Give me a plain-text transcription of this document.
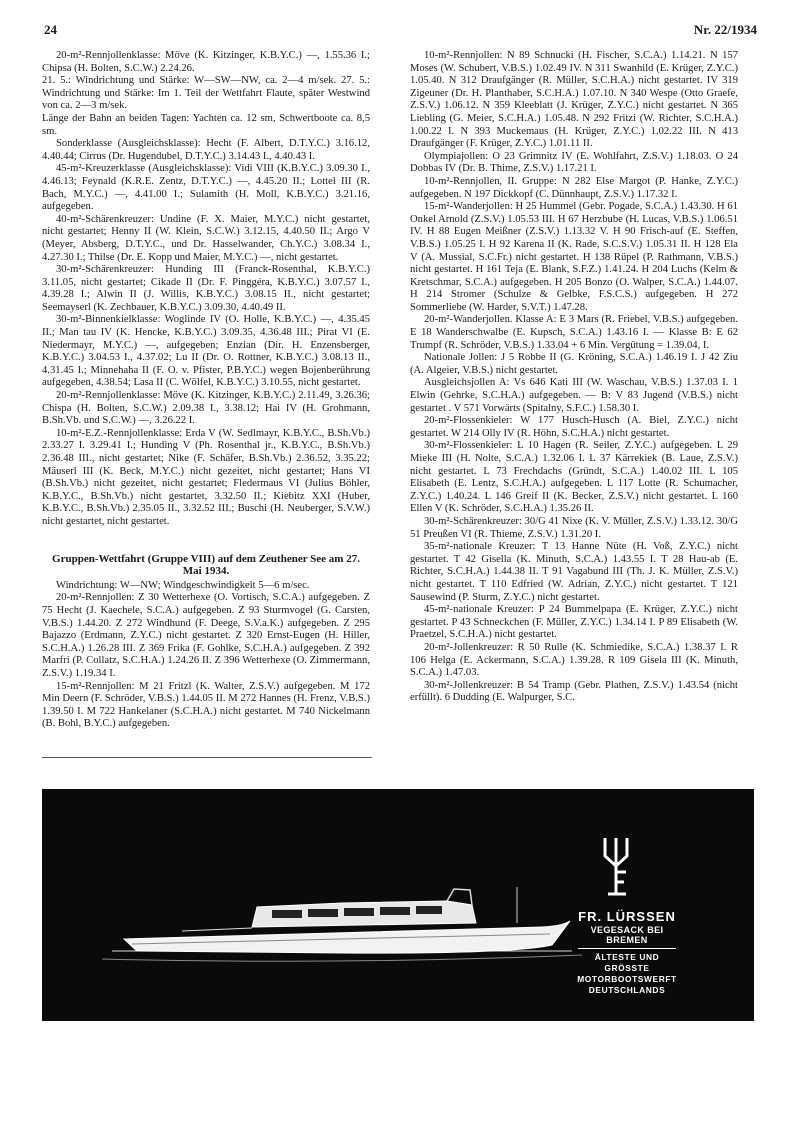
24	Nr. 22/1934

20-m²-Rennjollenklasse: Möve (K. Kitzinger, K.B.Y.C.) —, 1.55.36 I.; Chipsa (H. Bolten, S.C.W.) 2.24.26.

21. 5.: Windrichtung und Stärke: W—SW—NW, ca. 2—4 m/sek. 27. 5.: Windrichtung und Stärke: Im 1. Teil der Wettfahrt Flaute, später Westwind von ca. 2—3 m/sek.

Länge der Bahn an beiden Tagen: Yachten ca. 12 sm, Schwertboote ca. 8,5 sm.

Sonderklasse (Ausgleichsklasse): Hecht (F. Albert, D.T.Y.C.) 3.16.12, 4.40.44; Cirrus (Dr. Hugendubel, D.T.Y.C.) 3.14.43 I., 4.40.43 I.

45-m²-Kreuzerklasse (Ausgleichsklasse): Vidi VIII (K.B.Y.C.) 3.09.30 I., 4.46.13; Feynald (K.R.E. Zentz, D.T.Y.C.) —, 4.45.20 II.; Lottel III (R. Bach, M.Y.C.) —, 4.41.00 I.; Sulamith (H. Moll, K.B.Y.C.) 3.21.16, aufgegeben.

40-m²-Schärenkreuzer: Undine (F. X. Maier, M.Y.C.) nicht gestartet, nicht gestartet; Henny II (W. Klein, S.C.W.) 3.12.15, 4.40.50 II.; Argo V (Meyer, Absberg, D.T.Y.C., und Dr. Hasselwander, Ch.Y.C.) 3.08.34 I., 4.27.30 I.; Thilse (Dr. E. Kopp und Maier, M.Y.C.) —, nicht gestartet.

30-m²-Schärenkreuzer: Hunding III (Franck-Rosenthal, K.B.Y.C.) 3.11.05, nicht gestartet; Cikade II (Dr. F. Pinggéra, K.B.Y.C.) 3.07.57 I., 4.39.28 I.; Alwin II (J. Willis, K.B.Y.C.) 3.08.15 II., nicht gestartet; Seemayserl (K. Zechbauer, K.B.Y.C.) 3.09.30, 4.40.49 II.

30-m²-Binnenkielklasse: Woglinde IV (O. Holle, K.B.Y.C.) —, 4.35.45 II.; Man tau IV (K. Hencke, K.B.Y.C.) 3.09.35, 4.36.48 III.; Pirat VI (E. Niedermayr, M.Y.C.) —, aufgegeben; Enzian (Dir. H. Enzensberger, K.B.Y.C.) 3.04.53 I., 4.37.02; Lu II (Dr. O. Rottner, K.B.Y.C.) 3.08.13 II., 4.31.45 I.; Minnehaha II (F. O. v. Pfister, P.B.Y.C.) wegen Bojenberührung aufgegeben, 4.38.54; Lasa II (C. Wölfel, K.B.Y.C.) 3.10.55, nicht gestartet.

20-m²-Rennjollenklasse: Möve (K. Kitzinger, K.B.Y.C.) 2.11.49, 3.26.36; Chispa (H. Bolten, S.C.W.) 2.09.38 I., 3.38.12; Hai IV (H. Grohmann, B.Sh.Vb. und S.C.W.) —, 3.26.22 I.

10-m²-E.Z.-Rennjollenklasse: Erda V (W. Sedlmayr, K.B.Y.C., B.Sh.Vb.) 2.33.27 I. 3.29.41 I.; Hunding V (Ph. Rosenthal jr., K.B.Y.C., B.Sh.Vb.) 2.36.48 III., nicht gestartet; Nike (F. Schäfer, B.Sh.Vb.) 2.36.52, 3.35.22; Mäuserl III (K. Beck, M.Y.C.) nicht gezeitet, nicht gestartet; Hans VI (B.Sh.Vb.) nicht gezeitet, nicht gestartet; Fledermaus VI (Julius Böhler, K.B.Y.C., B.Sh.Vb.) nicht gestartet, 3.32.50 II.; Kiebitz XXI (Huber, K.B.Y.C., B.Sh.Vb.) 2.35.05 II., 3.32.52 III.; Buschi (H. Neuberger, S.V.W.) nicht gestartet, nicht gestartet.

Gruppen-Wettfahrt (Gruppe VIII) auf dem Zeuthener See am 27. Mai 1934.

Windrichtung: W—NW; Windgeschwindigkeit 5—6 m/sec.

20-m²-Rennjollen: Z 30 Wetterhexe (O. Vortisch, S.C.A.) aufgegeben. Z 75 Hecht (J. Kaechele, S.C.A.) aufgegeben. Z 93 Sturmvogel (G. Carsten, V.B.S.) 1.44.20. Z 272 Windhund (F. Deege, S.V.a.K.) aufgegeben. Z 295 Bajazzo (Erdmann, Z.Y.C.) nicht gestartet. Z 320 Ernst-Eugen (H. Hiller, S.C.H.A.) 1.26.28 III. Z 369 Frika (F. Gohlke, S.C.H.A.) aufgegeben. Z 392 Marfri (P. Collatz, S.C.H.A.) 1.24.26 II. Z 396 Wetterhexe (O. Zimmermann, Z.S.V.) 1.19.34 I.

15-m²-Rennjollen: M 21 Fritzl (K. Walter, Z.S.V.) aufgegeben. M 172 Min Deern (F. Schröder, V.B.S.) 1.44.05 II. M 272 Hannes (H. Frenz, V.B.S.) 1.39.50 I. M 722 Hankelaner (S.C.H.A.) nicht gestartet. M 740 Nickelmann (B. Bohl, B.Y.C.) aufgegeben.

10-m²-Rennjollen: N 89 Schnucki (H. Fischer, S.C.A.) 1.14.21. N 157 Moses (W. Schubert, V.B.S.) 1.02.49 IV. N 311 Swanhild (E. Krüger, Z.Y.C.) 1.05.40. N 312 Draufgänger (R. Müller, S.C.H.A.) nicht gestartet. IV 319 Zigeuner (Dr. H. Planthaber, S.C.H.A.) 1.07.10. N 340 Wespe (Otto Graefe, Z.S.V.) 1.06.12. N 359 Kleeblatt (J. Krüger, Z.Y.C.) nicht gestartet. N 365 Liebling (G. Meier, S.C.H.A.) 1.05.48. N 292 Fritzi (W. Richter, S.C.H.A.) 1.00.22 I. N 393 Muckemaus (H. Krüger, Z.Y.C.) 1.02.22 III. N 413 Draufgänger (F. Krüger, Z.Y.C.) 1.01.11 II.

Olympiajollen: O 23 Grimnitz IV (E. Wohlfahrt, Z.S.V.) 1.18.03. O 24 Dobbas IV (Dr. B. Thime, Z.S.V.) 1.17.21 I.

10-m²-Rennjollen, II. Gruppe: N 282 Else Margot (P. Hanke, Z.Y.C.) aufgegeben. N 197 Dickkopf (C. Dünnhaupt, Z.S.V.) 1.17.32 I.

15-m²-Wanderjollen: H 25 Hummel (Gebr. Pogade, S.C.A.) 1.43.30. H 61 Onkel Arnold (Z.S.V.) 1.05.53 III. H 67 Herzbube (H. Lucas, V.B.S.) 1.06.51 IV. H 88 Eugen Meißner (Z.S.V.) 1.13.32 V. H 90 Frisch-auf (E. Steffen, V.B.S.) 1.05.25 I. H 92 Karena II (K. Rade, S.C.S.V.) 1.05.31 II. H 128 Ela V (A. Mussial, S.C.Fr.) nicht gestartet. H 138 Rüpel (P. Rathmann, V.B.S.) nicht gestartet. H 161 Teja (E. Blank, S.F.Z.) 1.41.24. H 204 Luchs (Kelm & Kretschmar, S.C.A.) aufgegeben. H 205 Bonzo (O. Walper, S.C.A.) 1.44.07. H 214 Stromer (Schulze & Gelbke, F.S.C.S.) aufgegeben. H 272 Sommerliebe (W. Harder, S.V.T.) 1.47.28.

20-m²-Wanderjollen. Klasse A: E 3 Mars (R. Friebel, V.B.S.) aufgegeben. E 18 Wanderschwalbe (E. Kupsch, S.C.A.) 1.43.16 I. — Klasse B: E 62 Trumpf (R. Schröder, V.B.S.) 1.33.04 + 6 Min. Vergütung = 1.39.04, I.

Nationale Jollen: J 5 Robbe II (G. Kröning, S.C.A.) 1.46.19 I. J 42 Ziu (A. Algeier, V.B.S.) nicht gestartet.

Ausgleichsjollen A: Vs 646 Kati III (W. Waschau, V.B.S.) 1.37.03 I. 1 Elwin (Gehrke, S.C.H.A.) aufgegeben. — B: V 83 Jugend (V.B.S.) nicht gestartet . V 571 Vorwärts (Spitalny, S.F.C.) 1.58.30 I.

20-m²-Flossenkieler: W 177 Husch-Husch (A. Biel, Z.Y.C.) nicht gestartet. W 214 Olly IV (R. Höhn, S.C.H.A.) nicht gestartet.

30-m²-Flossenkieler: L 10 Hagen (R. Seiler, Z.Y.C.) aufgegeben. L 29 Mieke III (H. Nolte, S.C.A.) 1.32.06 I. L 37 Kärrekiek (B. Laue, Z.S.V.) nicht gestartet. L 73 Frechdachs (Gründt, S.C.A.) 1.40.02 III. L 105 Elisabeth (E. Lentz, S.C.H.A.) aufgegeben. L 117 Lotte (R. Schumacher, Z.Y.C.) 1.40.24. L 146 Greif II (K. Becker, Z.S.V.) nicht gestartet. L 160 Ellen V (K. Schröder, S.C.H.A.) 1.35.26 II.

30-m²-Schärenkreuzer: 30/G 41 Nixe (K. V. Müller, Z.S.V.) 1.33.12. 30/G 51 Preußen VI (R. Thieme, Z.S.V.) 1.31.20 I.

35-m²-nationale Kreuzer: T 13 Hanne Nüte (H. Voß, Z.Y.C.) nicht gestartet. T 42 Gisella (K. Minuth, S.C.A.) 1.43.55 I. T 28 Hau-ab (E. Richter, S.C.H.A.) 1.44.38 II. T 91 Vagabund III (Th. J. K. Müller, Z.S.V.) nicht gestartet. T 110 Edfried (W. Adrian, Z.Y.C.) nicht gestartet. T 121 Sausewind (P. Sturm, Z.Y.C.) nicht gestartet.

45-m²-nationale Kreuzer: P 24 Bummelpapa (E. Krüger, Z.Y.C.) nicht gestartet. P 43 Schneckchen (F. Müller, Z.Y.C.) 1.34.14 I. P 89 Elisabeth (W. Praetzel, S.C.H.A.) nicht gestartet.

20-m²-Jollenkreuzer: R 50 Rulle (K. Schmiedike, S.C.A.) 1.38.37 I. R 106 Helga (E. Ackermann, S.C.A.) 1.39.28. R 109 Gisela III (K. Minuth, S.C.A.) 1.47.03.

30-m²-Jollenkreuzer: B 54 Tramp (Gebr. Plathen, Z.S.V.) 1.43.54 (nicht erfüllt). 6 Dudding (E. Walpurger, S.C.

FR. LÜRSSEN
VEGESACK BEI BREMEN
ÄLTESTE UND GRÖSSTE
MOTORBOOTSWERFT
DEUTSCHLANDS
